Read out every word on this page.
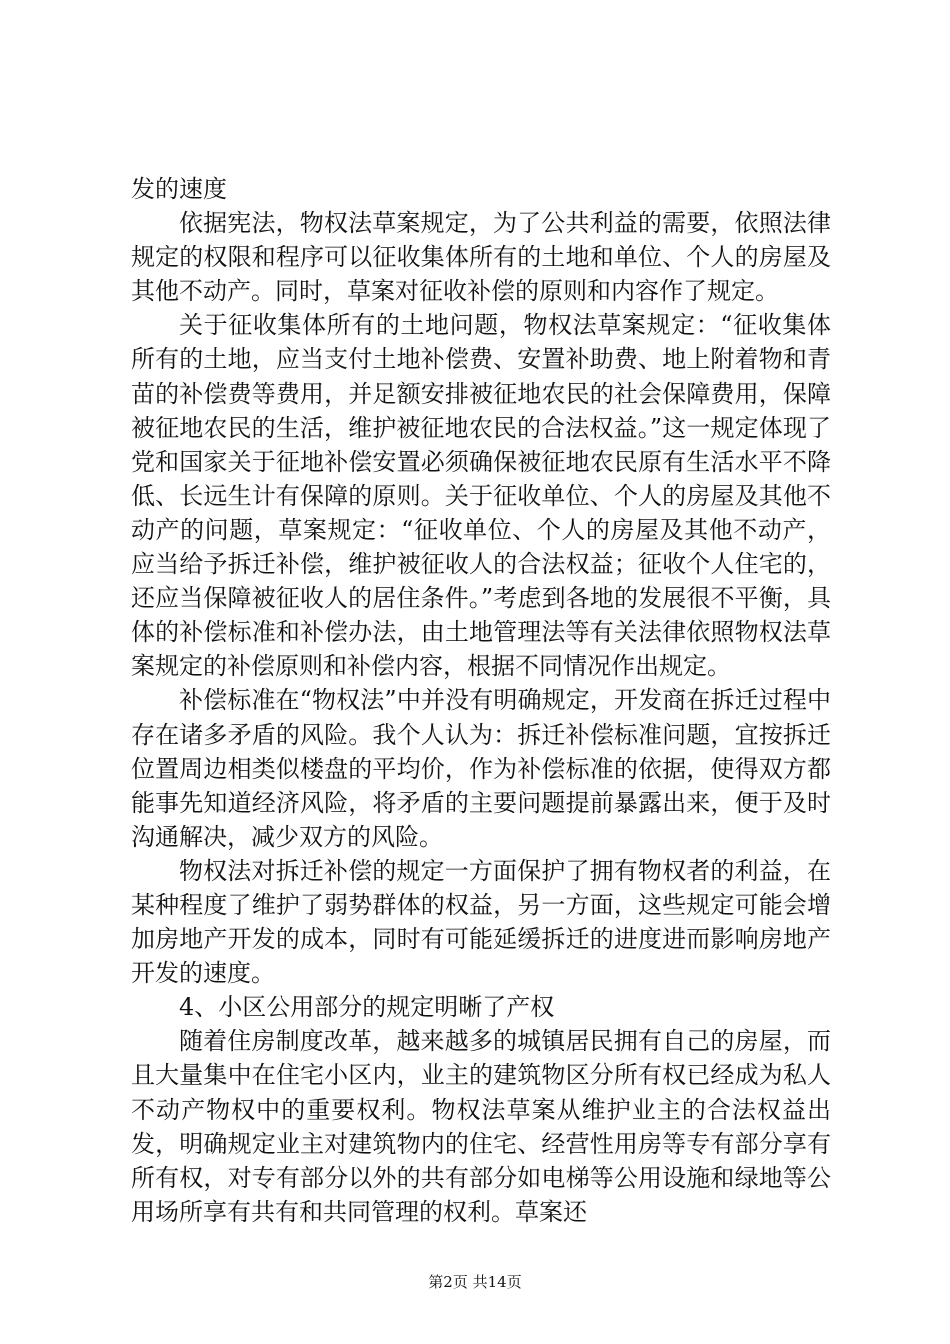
发的速度

依据宪法，物权法草案规定，为了公共利益的需要，依照法律规定的权限和程序可以征收集体所有的土地和单位、个人的房屋及其他不动产。同时，草案对征收补偿的原则和内容作了规定。

关于征收集体所有的土地问题，物权法草案规定：“征收集体所有的土地，应当支付土地补偿费、安置补助费、地上附着物和青苗的补偿费等费用，并足额安排被征地农民的社会保障费用，保障被征地农民的生活，维护被征地农民的合法权益。”这一规定体现了党和国家关于征地补偿安置必须确保被征地农民原有生活水平不降低、长远生计有保障的原则。关于征收单位、个人的房屋及其他不动产的问题，草案规定：“征收单位、个人的房屋及其他不动产，应当给予拆迁补偿，维护被征收人的合法权益；征收个人住宅的，还应当保障被征收人的居住条件。”考虑到各地的发展很不平衡，具体的补偿标准和补偿办法，由土地管理法等有关法律依照物权法草案规定的补偿原则和补偿内容，根据不同情况作出规定。

补偿标准在“物权法”中并没有明确规定，开发商在拆迁过程中存在诸多矛盾的风险。我个人认为：拆迁补偿标准问题，宜按拆迁位置周边相类似楼盘的平均价，作为补偿标准的依据，使得双方都能事先知道经济风险，将矛盾的主要问题提前暴露出来，便于及时沟通解决，减少双方的风险。

物权法对拆迁补偿的规定一方面保护了拥有物权者的利益，在某种程度了维护了弱势群体的权益，另一方面，这些规定可能会增加房地产开发的成本，同时有可能延缓拆迁的进度进而影响房地产开发的速度。

4、小区公用部分的规定明晰了产权

随着住房制度改革，越来越多的城镇居民拥有自己的房屋，而且大量集中在住宅小区内，业主的建筑物区分所有权已经成为私人不动产物权中的重要权利。物权法草案从维护业主的合法权益出发，明确规定业主对建筑物内的住宅、经营性用房等专有部分享有所有权，对专有部分以外的共有部分如电梯等公用设施和绿地等公用场所享有共有和共同管理的权利。草案还

第2页 共14页
